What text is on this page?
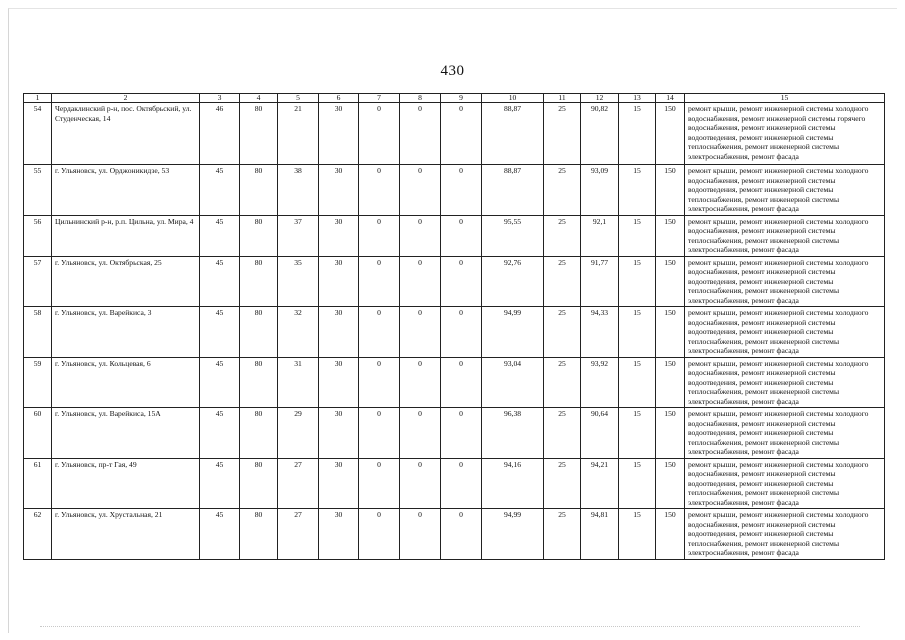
430
1	2	3	4	5	6	7	8	9	10	11	12	13	14	15
54	Чердаклинский р-н, пос. Октябрьский, ул. Студенческая, 14	46	80	21	30	0	0	0	88,87	25	90,82	15	150	ремонт крыши, ремонт инженерной системы холодного водоснабжения, ремонт инженерной системы горячего водоснабжения, ремонт инженерной системы водоотведения, ремонт инженерной системы теплоснабжения, ремонт инженерной системы электроснабжения, ремонт фасада
55	г. Ульяновск, ул. Орджоникидзе, 53	45	80	38	30	0	0	0	88,87	25	93,09	15	150	ремонт крыши, ремонт инженерной системы холодного водоснабжения, ремонт инженерной системы водоотведения, ремонт инженерной системы теплоснабжения, ремонт инженерной системы электроснабжения, ремонт фасада
56	Цильнинский р-н, р.п. Цильна, ул. Мира, 4	45	80	37	30	0	0	0	95,55	25	92,1	15	150	ремонт крыши, ремонт инженерной системы холодного водоснабжения, ремонт инженерной системы теплоснабжения, ремонт инженерной системы электроснабжения, ремонт фасада
57	г. Ульяновск, ул. Октябрьская, 25	45	80	35	30	0	0	0	92,76	25	91,77	15	150	ремонт крыши, ремонт инженерной системы холодного водоснабжения, ремонт инженерной системы водоотведения, ремонт инженерной системы теплоснабжения, ремонт инженерной системы электроснабжения, ремонт фасада
58	г. Ульяновск, ул. Варейкиса, 3	45	80	32	30	0	0	0	94,99	25	94,33	15	150	ремонт крыши, ремонт инженерной системы холодного водоснабжения, ремонт инженерной системы водоотведения, ремонт инженерной системы теплоснабжения, ремонт инженерной системы электроснабжения, ремонт фасада
59	г. Ульяновск, ул. Кольцевая, 6	45	80	31	30	0	0	0	93,04	25	93,92	15	150	ремонт крыши, ремонт инженерной системы холодного водоснабжения, ремонт инженерной системы водоотведения, ремонт инженерной системы теплоснабжения, ремонт инженерной системы электроснабжения, ремонт фасада
60	г. Ульяновск, ул. Варейкиса, 15А	45	80	29	30	0	0	0	96,38	25	90,64	15	150	ремонт крыши, ремонт инженерной системы холодного водоснабжения, ремонт инженерной системы водоотведения, ремонт инженерной системы теплоснабжения, ремонт инженерной системы электроснабжения, ремонт фасада
61	г. Ульяновск, пр-т Гая, 49	45	80	27	30	0	0	0	94,16	25	94,21	15	150	ремонт крыши, ремонт инженерной системы холодного водоснабжения, ремонт инженерной системы водоотведения, ремонт инженерной системы теплоснабжения, ремонт инженерной системы электроснабжения, ремонт фасада
62	г. Ульяновск, ул. Хрустальная, 21	45	80	27	30	0	0	0	94,99	25	94,81	15	150	ремонт крыши, ремонт инженерной системы холодного водоснабжения, ремонт инженерной системы водоотведения, ремонт инженерной системы теплоснабжения, ремонт инженерной системы электроснабжения, ремонт фасада
